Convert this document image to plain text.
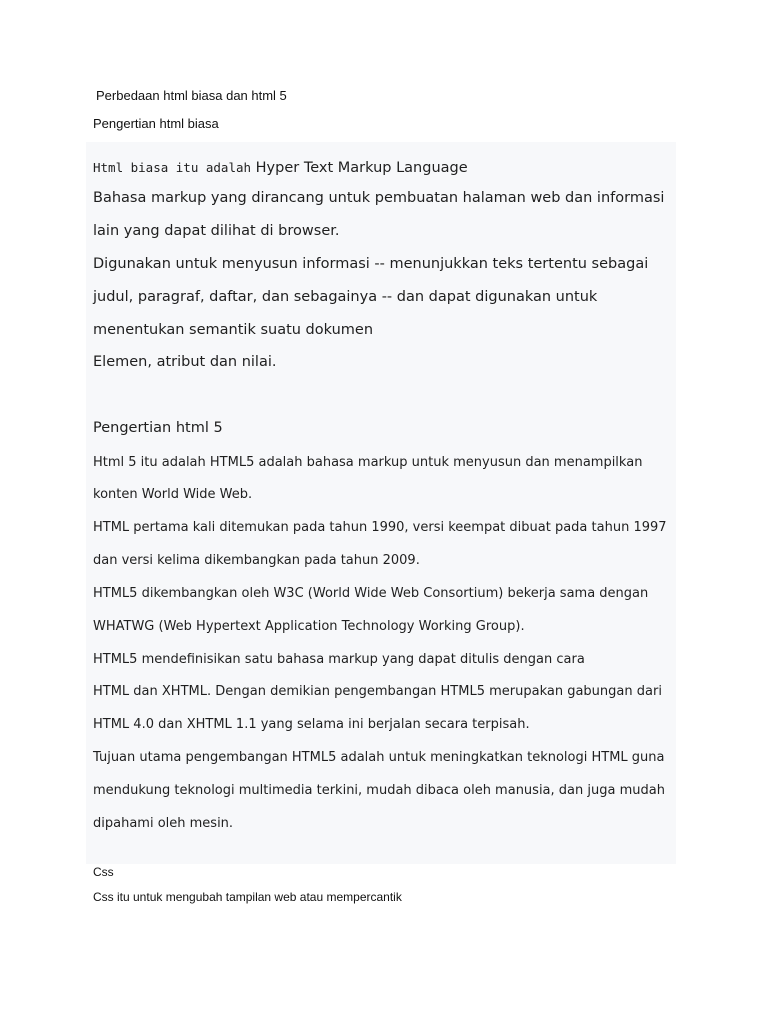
Perbedaan html biasa dan html 5
Pengertian html biasa
Html biasa itu adalah Hyper Text Markup Language
Bahasa markup yang dirancang untuk pembuatan halaman web dan informasi
lain yang dapat dilihat di browser.
Digunakan untuk menyusun informasi -- menunjukkan teks tertentu sebagai
judul, paragraf, daftar, dan sebagainya -- dan dapat digunakan untuk
menentukan semantik suatu dokumen
Elemen, atribut dan nilai.
Pengertian html 5
Html 5 itu adalah HTML5 adalah bahasa markup untuk menyusun dan menampilkan
konten World Wide Web.
HTML pertama kali ditemukan pada tahun 1990, versi keempat dibuat pada tahun 1997
dan versi kelima dikembangkan pada tahun 2009.
HTML5 dikembangkan oleh W3C (World Wide Web Consortium) bekerja sama dengan
WHATWG (Web Hypertext Application Technology Working Group).
HTML5 mendefinisikan satu bahasa markup yang dapat ditulis dengan cara
HTML dan XHTML. Dengan demikian pengembangan HTML5 merupakan gabungan dari
HTML 4.0 dan XHTML 1.1 yang selama ini berjalan secara terpisah.
Tujuan utama pengembangan HTML5 adalah untuk meningkatkan teknologi HTML guna
mendukung teknologi multimedia terkini, mudah dibaca oleh manusia, dan juga mudah
dipahami oleh mesin.
Css
Css itu untuk mengubah tampilan web atau mempercantik
